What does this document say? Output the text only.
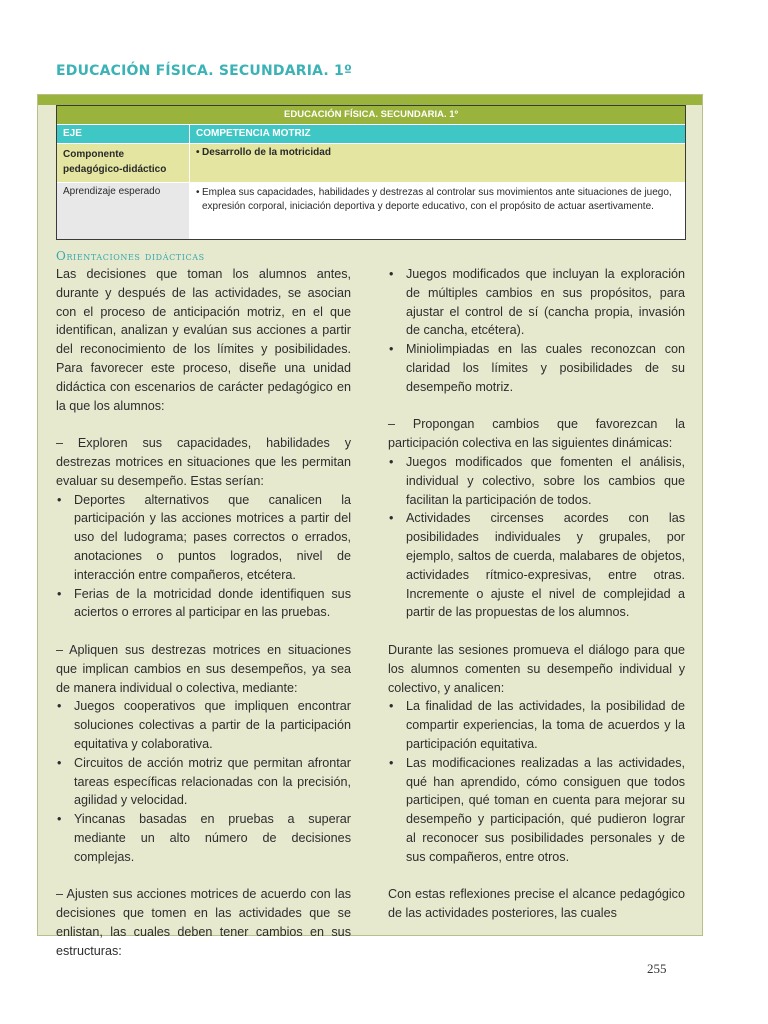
EDUCACIÓN FÍSICA. SECUNDARIA. 1º
EDUCACIÓN FÍSICA. SECUNDARIA. 1º
EJE	COMPETENCIA MOTRIZ
Componente pedagógico-didáctico
• Desarrollo de la motricidad
Aprendizaje esperado	• Emplea sus capacidades, habilidades y destrezas al controlar sus movimientos ante situaciones de juego, expresión corporal, iniciación deportiva y deporte educativo, con el propósito de actuar asertivamente.
Orientaciones didácticas

Las decisiones que toman los alumnos antes, durante y después de las actividades, se asocian con el proceso de anticipación motriz, en el que identifican, analizan y evalúan sus acciones a partir del reconocimiento de los límites y posibilidades. Para favorecer este proceso, diseñe una unidad didáctica con escenarios de carácter pedagógico en la que los alumnos:

– Exploren sus capacidades, habilidades y destrezas motrices en situaciones que les permitan evaluar su desempeño. Estas serían:

• Deportes alternativos que canalicen la participación y las acciones motrices a partir del uso del ludograma; pases correctos o errados, anotaciones o puntos logrados, nivel de interacción entre compañeros, etcétera.
• Ferias de la motricidad donde identifiquen sus aciertos o errores al participar en las pruebas.

– Apliquen sus destrezas motrices en situaciones que implican cambios en sus desempeños, ya sea de manera individual o colectiva, mediante:

• Juegos cooperativos que impliquen encontrar soluciones colectivas a partir de la participación equitativa y colaborativa.
• Circuitos de acción motriz que permitan afrontar tareas específicas relacionadas con la precisión, agilidad y velocidad.
• Yincanas basadas en pruebas a superar mediante un alto número de decisiones complejas.

– Ajusten sus acciones motrices de acuerdo con las decisiones que tomen en las actividades que se enlistan, las cuales deben tener cambios en sus estructuras:

• Juegos modificados que incluyan la exploración de múltiples cambios en sus propósitos, para ajustar el control de sí (cancha propia, invasión de cancha, etcétera).
• Miniolimpiadas en las cuales reconozcan con claridad los límites y posibilidades de su desempeño motriz.

– Propongan cambios que favorezcan la participación colectiva en las siguientes dinámicas:

• Juegos modificados que fomenten el análisis, individual y colectivo, sobre los cambios que facilitan la participación de todos.
• Actividades circenses acordes con las posibilidades individuales y grupales, por ejemplo, saltos de cuerda, malabares de objetos, actividades rítmico-expresivas, entre otras. Incremente o ajuste el nivel de complejidad a partir de las propuestas de los alumnos.

Durante las sesiones promueva el diálogo para que los alumnos comenten su desempeño individual y colectivo, y analicen:

• La finalidad de las actividades, la posibilidad de compartir experiencias, la toma de acuerdos y la participación equitativa.
• Las modificaciones realizadas a las actividades, qué han aprendido, cómo consiguen que todos participen, qué toman en cuenta para mejorar su desempeño y participación, qué pudieron lograr al reconocer sus posibilidades personales y de sus compañeros, entre otros.

Con estas reflexiones precise el alcance pedagógico de las actividades posteriores, las cuales

255
